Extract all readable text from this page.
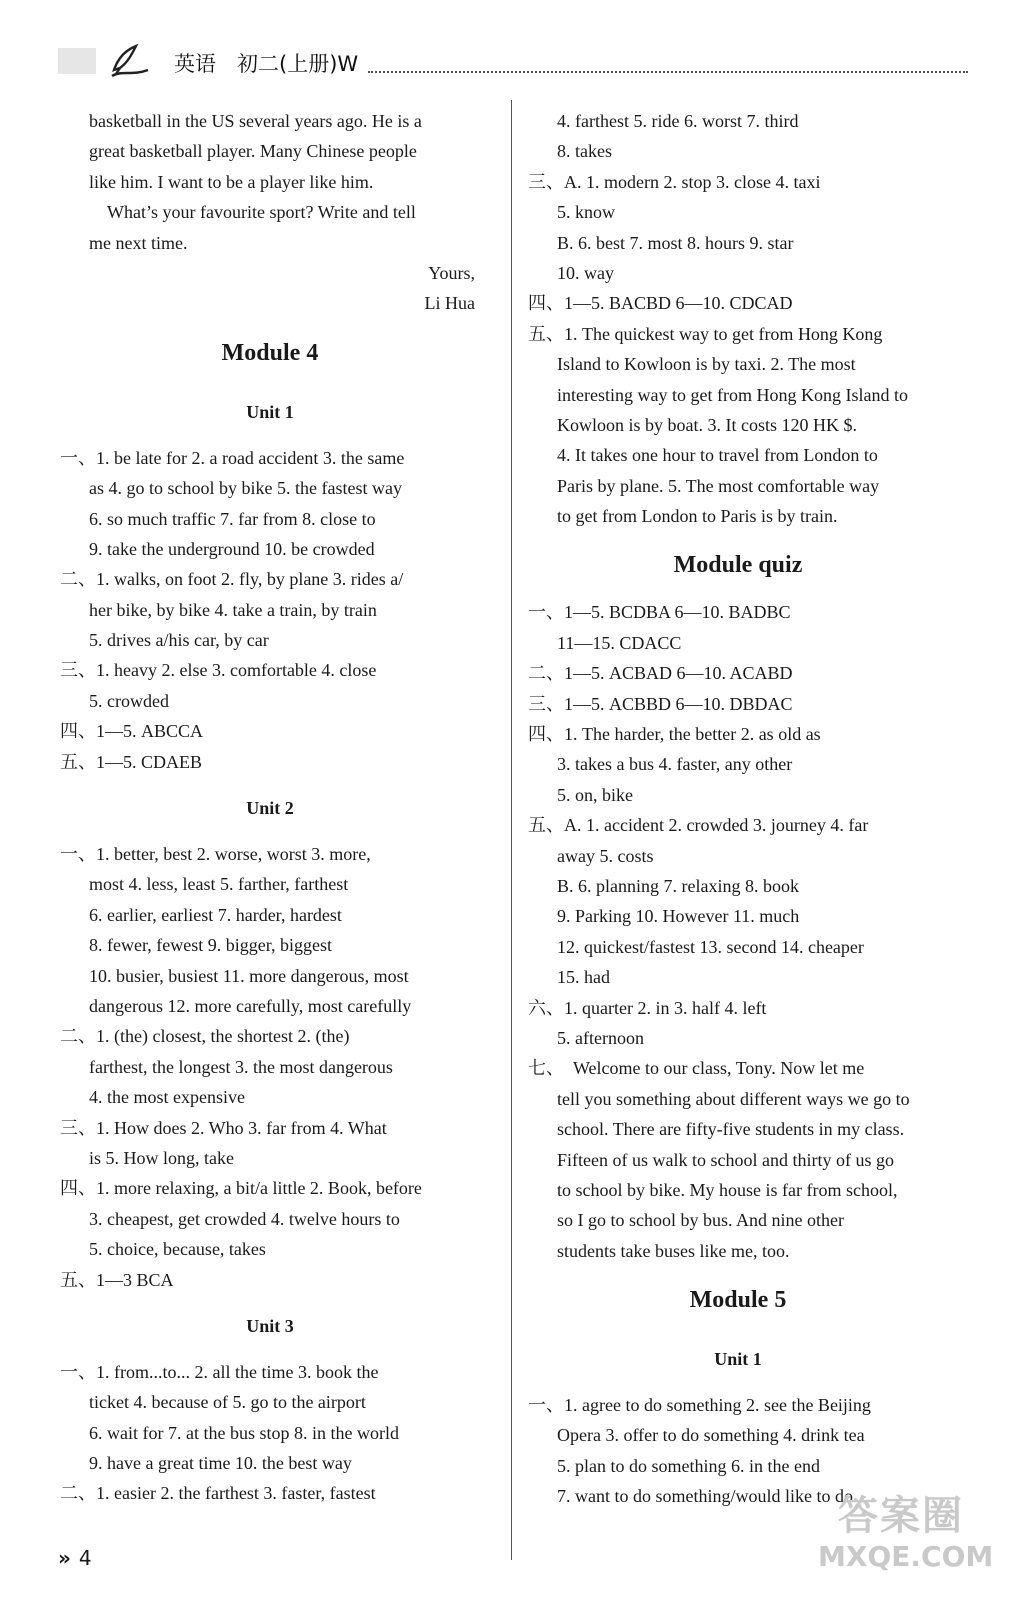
英语　初二(上册)W
basketball in the US several years ago. He is a
great basketball player. Many Chinese people
like him. I want to be a player like him.
　What’s your favourite sport? Write and tell
me next time.
Yours,
Li Hua
Module 4
Unit 1
一、1. be late for 2. a road accident 3. the same
as 4. go to school by bike 5. the fastest way
6. so much traffic 7. far from 8. close to
9. take the underground 10. be crowded
二、1. walks, on foot 2. fly, by plane 3. rides a/
her bike, by bike 4. take a train, by train
5. drives a/his car, by car
三、1. heavy 2. else 3. comfortable 4. close
5. crowded
四、1—5. ABCCA
五、1—5. CDAEB
Unit 2
一、1. better, best 2. worse, worst 3. more,
most 4. less, least 5. farther, farthest
6. earlier, earliest 7. harder, hardest
8. fewer, fewest 9. bigger, biggest
10. busier, busiest 11. more dangerous, most
dangerous 12. more carefully, most carefully
二、1. (the) closest, the shortest 2. (the)
farthest, the longest 3. the most dangerous
4. the most expensive
三、1. How does 2. Who 3. far from 4. What
is 5. How long, take
四、1. more relaxing, a bit/a little 2. Book, before
3. cheapest, get crowded 4. twelve hours to
5. choice, because, takes
五、1—3 BCA
Unit 3
一、1. from...to... 2. all the time 3. book the
ticket 4. because of 5. go to the airport
6. wait for 7. at the bus stop 8. in the world
9. have a great time 10. the best way
二、1. easier 2. the farthest 3. faster, fastest
4. farthest 5. ride 6. worst 7. third
8. takes
三、A. 1. modern 2. stop 3. close 4. taxi
5. know
B. 6. best 7. most 8. hours 9. star
10. way
四、1—5. BACBD 6—10. CDCAD
五、1. The quickest way to get from Hong Kong
Island to Kowloon is by taxi. 2. The most
interesting way to get from Hong Kong Island to
Kowloon is by boat. 3. It costs 120 HK $.
4. It takes one hour to travel from London to
Paris by plane. 5. The most comfortable way
to get from London to Paris is by train.
Module quiz
一、1—5. BCDBA 6—10. BADBC
11—15. CDACC
二、1—5. ACBAD 6—10. ACABD
三、1—5. ACBBD 6—10. DBDAC
四、1. The harder, the better 2. as old as
3. takes a bus 4. faster, any other
5. on, bike
五、A. 1. accident 2. crowded 3. journey 4. far
away 5. costs
B. 6. planning 7. relaxing 8. book
9. Parking 10. However 11. much
12. quickest/fastest 13. second 14. cheaper
15. had
六、1. quarter 2. in 3. half 4. left
5. afternoon
七、　Welcome to our class, Tony. Now let me
tell you something about different ways we go to
school. There are fifty-five students in my class.
Fifteen of us walk to school and thirty of us go
to school by bike. My house is far from school,
so I go to school by bus. And nine other
students take buses like me, too.
Module 5
Unit 1
一、1. agree to do something 2. see the Beijing
Opera 3. offer to do something 4. drink tea
5. plan to do something 6. in the end
7. want to do something/would like to do
» 4
答案圈
MXQE.COM
